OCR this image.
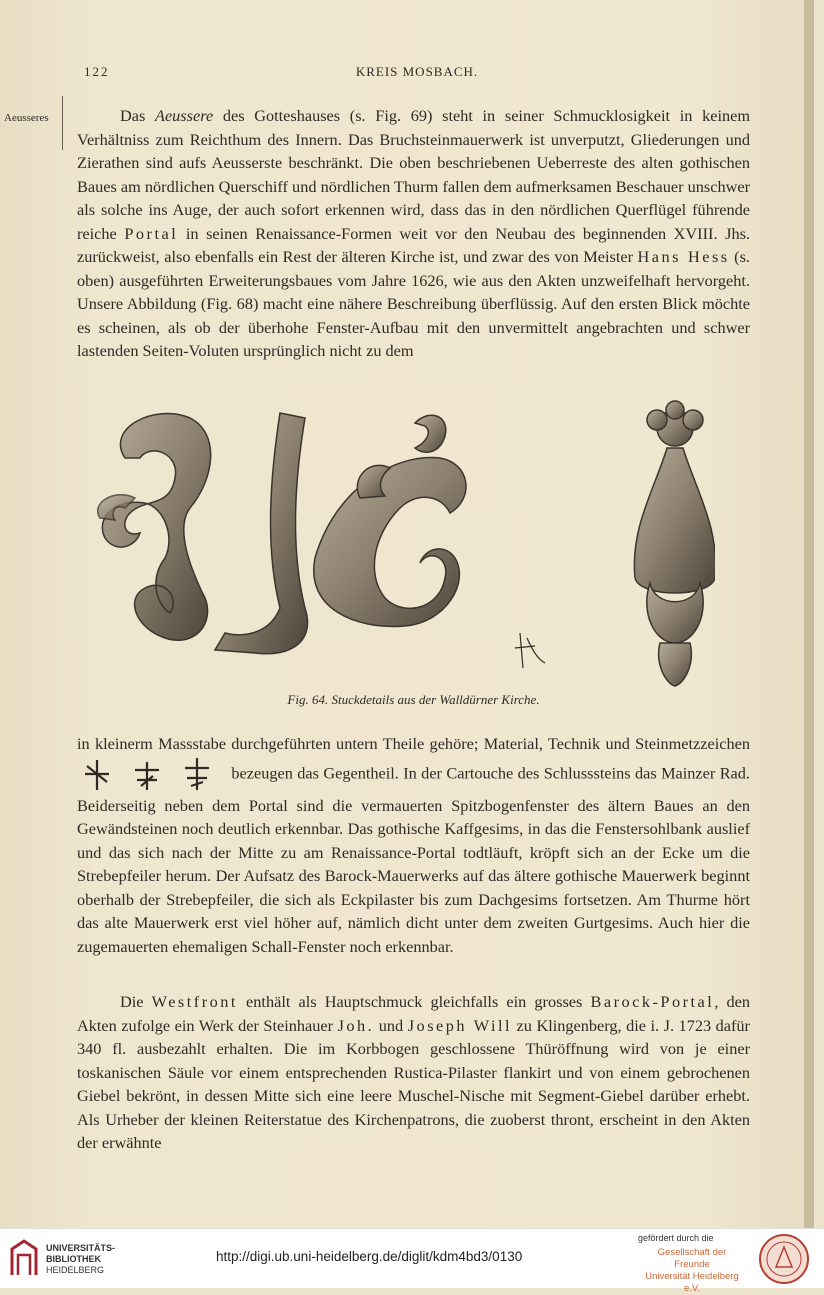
122	KREIS MOSBACH.
Aeusseres	Das Aeussere des Gotteshauses (s. Fig. 69) steht in seiner Schmucklosigkeit in keinem Verhältniss zum Reichthum des Innern. Das Bruchsteinmauerwerk ist unverputzt, Gliederungen und Zierathen sind aufs Aeusserste beschränkt. Die oben beschriebenen Ueberreste des alten gothischen Baues am nördlichen Querschiff und nördlichen Thurm fallen dem aufmerksamen Beschauer unschwer als solche ins Auge, der auch sofort erkennen wird, dass das in den nördlichen Querflügel führende reiche Portal in seinen Renaissance-Formen weit vor den Neubau des beginnenden XVIII. Jhs. zurückweist, also ebenfalls ein Rest der älteren Kirche ist, und zwar des von Meister Hans Hess (s. oben) ausgeführten Erweiterungsbaues vom Jahre 1626, wie aus den Akten unzweifelhaft hervorgeht. Unsere Abbildung (Fig. 68) macht eine nähere Beschreibung überflüssig. Auf den ersten Blick möchte es scheinen, als ob der überhohe Fenster-Aufbau mit den unvermittelt angebrachten und schwer lastenden Seiten-Voluten ursprünglich nicht zu dem

Fig. 64. Stuckdetails aus der Walldürner Kirche.

in kleinerm Massstabe durchgeführten untern Theile gehöre; Material, Technik und Steinmetzzeichen  bezeugen das Gegentheil. In der Cartouche des Schlusssteins das Mainzer Rad. Beiderseitig neben dem Portal sind die vermauerten Spitzbogenfenster des ältern Baues an den Gewändsteinen noch deutlich erkennbar. Das gothische Kaffgesims, in das die Fenstersohlbank auslief und das sich nach der Mitte zu am Renaissance-Portal todtläuft, kröpft sich an der Ecke um die Strebepfeiler herum. Der Aufsatz des Barock-Mauerwerks auf das ältere gothische Mauerwerk beginnt oberhalb der Strebepfeiler, die sich als Eckpilaster bis zum Dachgesims fortsetzen. Am Thurme hört das alte Mauerwerk erst viel höher auf, nämlich dicht unter dem zweiten Gurtgesims. Auch hier die zugemauerten ehemaligen Schall-Fenster noch erkennbar.

Die Westfront enthält als Hauptschmuck gleichfalls ein grosses Barock-Portal, den Akten zufolge ein Werk der Steinhauer Joh. und Joseph Will zu Klingenberg, die i. J. 1723 dafür 340 fl. ausbezahlt erhalten. Die im Korbbogen geschlossene Thüröffnung wird von je einer toskanischen Säule vor einem entsprechenden Rustica-Pilaster flankirt und von einem gebrochenen Giebel bekrönt, in dessen Mitte sich eine leere Muschel-Nische mit Segment-Giebel darüber erhebt. Als Urheber der kleinen Reiterstatue des Kirchenpatrons, die zuoberst thront, erscheint in den Akten der erwähnte

UNIVERSITÄTS-
BIBLIOTHEK
HEIDELBERG
http://digi.ub.uni-heidelberg.de/diglit/kdm4bd3/0130
gefördert durch die
Gesellschaft der Freunde
Universität Heidelberg e.V.
